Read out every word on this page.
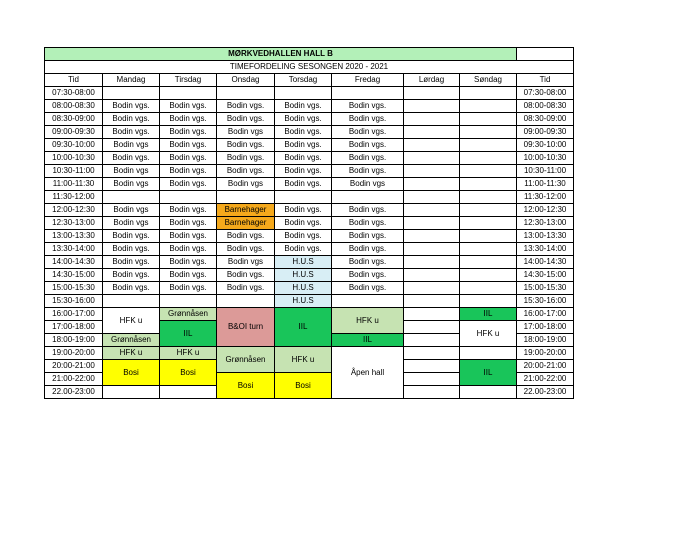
MØRKVEDHALLEN HALL B								
TIMEFORDELING SESONGEN 2020 - 2021								
Tid	Mandag	Tirsdag	Onsdag	Torsdag	Fredag	Lørdag	Søndag	Tid
07:30-08:00								07:30-08:00
08:00-08:30	Bodin vgs.	Bodin vgs.	Bodin vgs.	Bodin vgs.	Bodin vgs.			08:00-08:30
08:30-09:00	Bodin vgs.	Bodin vgs.	Bodin vgs.	Bodin vgs.	Bodin vgs.			08:30-09:00
09:00-09:30	Bodin vgs.	Bodin vgs.	Bodin vgs	Bodin vgs.	Bodin vgs.			09:00-09:30
09:30-10:00	Bodin vgs	Bodin vgs.	Bodin vgs.	Bodin vgs.	Bodin vgs.			09:30-10:00
10:00-10:30	Bodin vgs.	Bodin vgs.	Bodin vgs.	Bodin vgs.	Bodin vgs.			10:00-10:30
10:30-11:00	Bodin vgs	Bodin vgs.	Bodin vgs.	Bodin vgs.	Bodin vgs.			10:30-11:00
11:00-11:30	Bodin vgs	Bodin vgs.	Bodin vgs	Bodin vgs.	Bodin vgs			11:00-11:30
11:30-12:00								11:30-12:00
12:00-12:30	Bodin vgs	Bodin vgs.	Barnehager	Bodin vgs.	Bodin vgs.			12:00-12:30
12:30-13:00	Bodin vgs	Bodin vgs.	Barnehager	Bodin vgs.	Bodin vgs.			12:30-13:00
13:00-13:30	Bodin vgs.	Bodin vgs.	Bodin vgs.	Bodin vgs.	Bodin vgs.			13:00-13:30
13:30-14:00	Bodin vgs.	Bodin vgs.	Bodin vgs.	Bodin vgs.	Bodin vgs.			13:30-14:00
14:00-14:30	Bodin vgs.	Bodin vgs.	Bodin vgs	H.U.S	Bodin vgs.			14:00-14:30
14:30-15:00	Bodin vgs.	Bodin vgs.	Bodin vgs.	H.U.S	Bodin vgs.			14:30-15:00
15:00-15:30	Bodin vgs.	Bodin vgs.	Bodin vgs.	H.U.S	Bodin vgs.			15:00-15:30
15:30-16:00				H.U.S				15:30-16:00
16:00-17:00	HFK u	Grønnåsen	B&OI turn	IIL	HFK u		IIL	16:00-17:00
17:00-18:00		IIL					HFK u	17:00-18:00
18:00-19:00	Grønnåsen				IIL			18:00-19:00
19:00-20:00	HFK u	HFK u	Grønnåsen	HFK u	Åpen hall			19:00-20:00
20:00-21:00	Bosi	Bosi					IIL	20:00-21:00
21:00-22:00			Bosi	Bosi				21:00-22:00
22.00-23:00								22.00-23:00
